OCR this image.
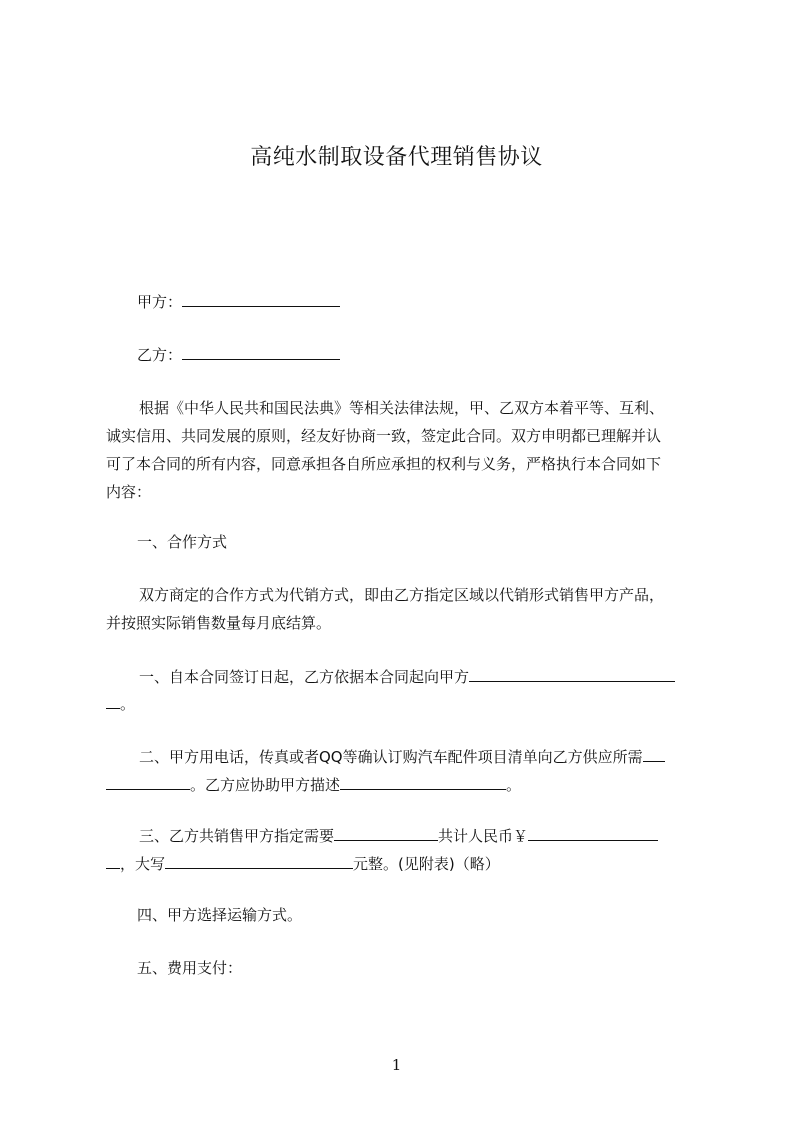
高纯水制取设备代理销售协议
甲方：
乙方：
根据《中华人民共和国民法典》等相关法律法规，甲、乙双方本着平等、互利、
诚实信用、共同发展的原则，经友好协商一致，签定此合同。双方申明都已理解并认
可了本合同的所有内容，同意承担各自所应承担的权利与义务，严格执行本合同如下
内容：
一、合作方式
双方商定的合作方式为代销方式，即由乙方指定区域以代销形式销售甲方产品，
并按照实际销售数量每月底结算。
一、自本合同签订日起，乙方依据本合同起向甲方
。
二、甲方用电话，传真或者QQ等确认订购汽车配件项目清单向乙方供应所需
。乙方应协助甲方描述	。
三、乙方共销售甲方指定需要	共计人民币￥
，大写	元整。(见附表)（略）
四、甲方选择运输方式。
五、费用支付：
1
